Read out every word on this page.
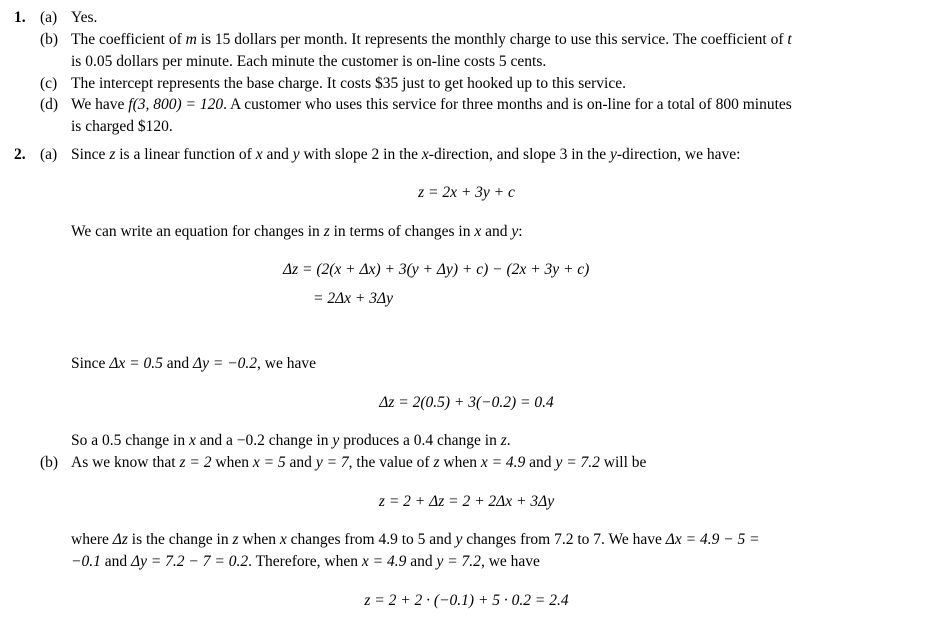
1. (a) Yes.
(b) The coefficient of m is 15 dollars per month. It represents the monthly charge to use this service. The coefficient of t
is 0.05 dollars per minute. Each minute the customer is on-line costs 5 cents.
(c) The intercept represents the base charge. It costs $35 just to get hooked up to this service.
(d) We have f(3, 800) = 120. A customer who uses this service for three months and is on-line for a total of 800 minutes
is charged $120.
2. (a) Since z is a linear function of x and y with slope 2 in the x-direction, and slope 3 in the y-direction, we have:
z = 2x + 3y + c
We can write an equation for changes in z in terms of changes in x and y:
Δz = (2(x + Δx) + 3(y + Δy) + c) − (2x + 3y + c)
= 2Δx + 3Δy
Since Δx = 0.5 and Δy = −0.2, we have
Δz = 2(0.5) + 3(−0.2) = 0.4
So a 0.5 change in x and a −0.2 change in y produces a 0.4 change in z.
(b) As we know that z = 2 when x = 5 and y = 7, the value of z when x = 4.9 and y = 7.2 will be
z = 2 + Δz = 2 + 2Δx + 3Δy
where Δz is the change in z when x changes from 4.9 to 5 and y changes from 7.2 to 7. We have Δx = 4.9 − 5 =
−0.1 and Δy = 7.2 − 7 = 0.2. Therefore, when x = 4.9 and y = 7.2, we have
z = 2 + 2 · (−0.1) + 5 · 0.2 = 2.4
